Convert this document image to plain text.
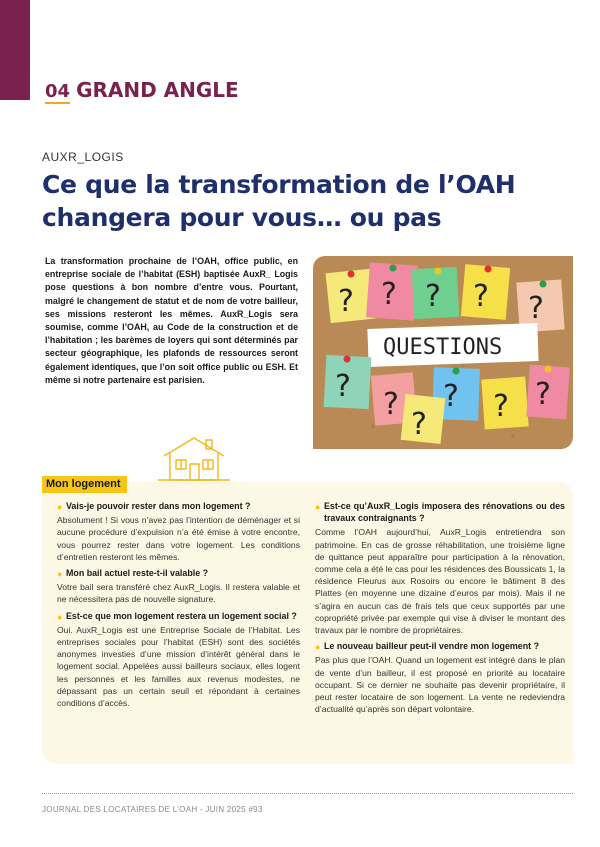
04 GRAND ANGLE
AUXR_LOGIS
Ce que la transformation de l’OAH changera pour vous… ou pas

La transformation prochaine de l’OAH, office public, en entreprise sociale de l’habitat (ESH) baptisée AuxR_ Logis pose questions à bon nombre d’entre vous. Pourtant, malgré le changement de statut et de nom de votre bailleur, ses missions resteront les mêmes. AuxR_Logis sera soumise, comme l’OAH, au Code de la construction et de l’habitation ; les barèmes de loyers qui sont déterminés par secteur géographique, les plafonds de ressources seront également identiques, que l’on soit office public ou ESH. Et même si notre partenaire est parisien.

QUESTIONS
? ? ? ? ?
?
? ? ?
?
?
Mon logement

● Vais-je pouvoir rester dans mon logement ?

Absolument ! Si vous n’avez pas l’intention de déménager et si aucune procédure d’expulsion n’a été émise à votre encontre, vous pourrez rester dans votre logement. Les conditions d’entretien resteront les mêmes.

● Mon bail actuel reste-t-il valable ?

Votre bail sera transféré chez AuxR_Logis. Il restera valable et ne nécessitera pas de nouvelle signature.

● Est-ce que mon logement restera un logement social ?

Oui. AuxR_Logis est une Entreprise Sociale de l’Habitat. Les entreprises sociales pour l’habitat (ESH) sont des sociétés anonymes investies d’une mission d’intérêt général dans le logement social. Appelées aussi bailleurs sociaux, elles logent les personnes et les familles aux revenus modestes, ne dépassant pas un certain seuil et répondant à certaines conditions d’accès.

● Est-ce qu’AuxR_Logis imposera des rénovations ou des travaux contraignants ?

Comme l’OAH aujourd’hui, AuxR_Logis entretiendra son patrimoine. En cas de grosse réhabilitation, une troisième ligne de quittance peut apparaître pour participation à la rénovation, comme cela a été le cas pour les résidences des Boussicats 1, la résidence Fleurus aux Rosoirs ou encore le bâtiment 8 des Plattes (en moyenne une dizaine d’euros par mois). Mais il ne s’agira en aucun cas de frais tels que ceux supportés par une copropriété privée par exemple qui vise à diviser le montant des travaux par le nombre de propriétaires.

● Le nouveau bailleur peut-il vendre mon logement ?

Pas plus que l’OAH. Quand un logement est intégré dans le plan de vente d’un bailleur, il est proposé en priorité au locataire occupant. Si ce dernier ne souhaite pas devenir propriétaire, il peut rester locataire de son logement. La vente ne redeviendra d’actualité qu’après son départ volontaire.

JOURNAL DES LOCATAIRES DE L’OAH - JUIN 2025 #93
